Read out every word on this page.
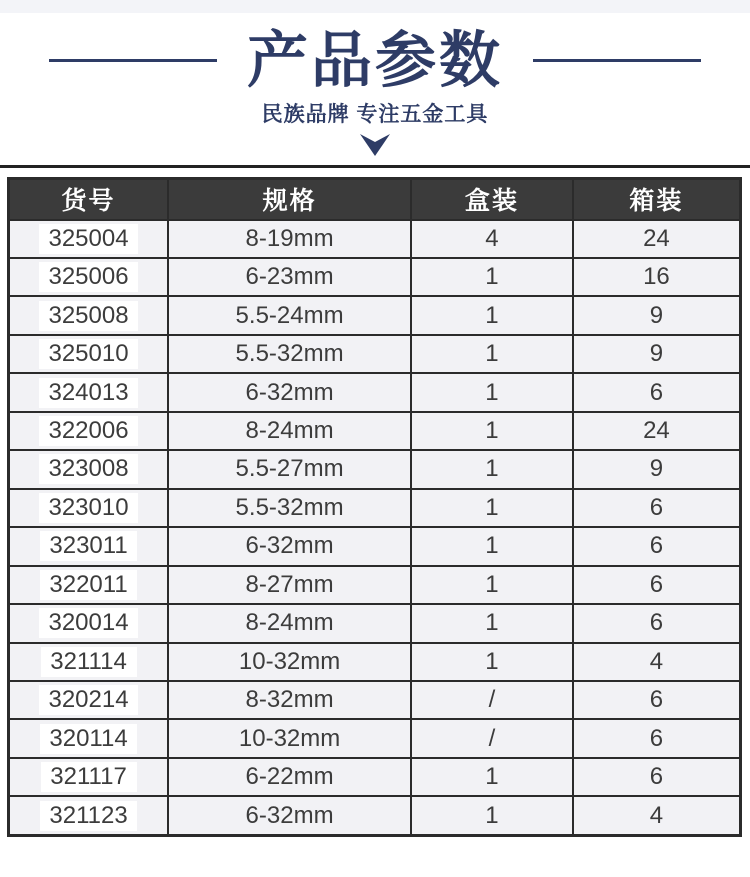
产品参数
民族品牌 专注五金工具
货号	规格	盒装	箱装
325004	8-19mm	4	24
325006	6-23mm	1	16
325008	5.5-24mm	1	9
325010	5.5-32mm	1	9
324013	6-32mm	1	6
322006	8-24mm	1	24
323008	5.5-27mm	1	9
323010	5.5-32mm	1	6
323011	6-32mm	1	6
322011	8-27mm	1	6
320014	8-24mm	1	6
321114	10-32mm	1	4
320214	8-32mm	/	6
320114	10-32mm	/	6
321117	6-22mm	1	6
321123	6-32mm	1	4
